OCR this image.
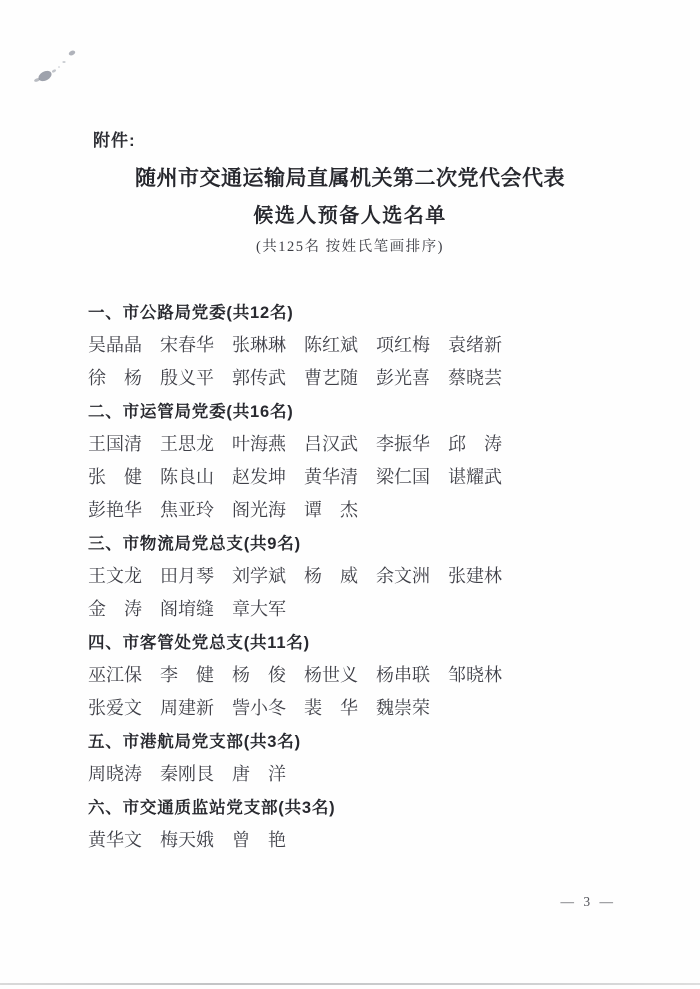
附件:
随州市交通运输局直属机关第二次党代会代表
候选人预备人选名单
(共125名 按姓氏笔画排序)
一、市公路局党委(共12名)
吴晶晶 宋春华 张琳琳 陈红斌 项红梅 袁绪新
徐　杨 殷义平 郭传武 曹艺随 彭光喜 蔡晓芸
二、市运管局党委(共16名)
王国清 王思龙 叶海燕 吕汉武 李振华 邱　涛
张　健 陈良山 赵发坤 黄华清 梁仁国 谌耀武
彭艳华 焦亚玲 阁光海 谭　杰
三、市物流局党总支(共9名)
王文龙 田月琴 刘学斌 杨　威 余文洲 张建林
金　涛 阁堉缝 章大军
四、市客管处党总支(共11名)
巫江保 李　健 杨　俊 杨世义 杨串联 邹晓林
张爱文 周建新 訾小冬 裴　华 魏崇荣
五、市港航局党支部(共3名)
周晓涛 秦刚艮 唐　洋
六、市交通质监站党支部(共3名)
黄华文 梅天娥 曾　艳
— 3 —
